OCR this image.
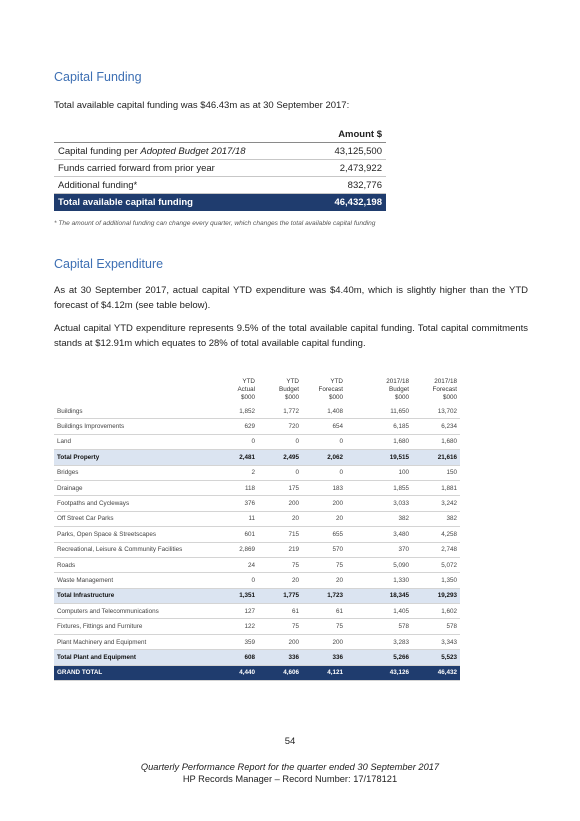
Capital Funding

Total available capital funding was $46.43m as at 30 September 2017:

	Amount $
Capital funding per Adopted Budget 2017/18	43,125,500
Funds carried forward from prior year	2,473,922
Additional funding*	832,776
Total available capital funding	46,432,198

* The amount of additional funding can change every quarter, which changes the total available capital funding

Capital Expenditure

As at 30 September 2017, actual capital YTD expenditure was $4.40m, which is slightly higher than the YTD forecast of $4.12m (see table below).

Actual capital YTD expenditure represents 9.5% of the total available capital funding. Total capital commitments stands at $12.91m which equates to 28% of total available capital funding.

	YTD
Actual
$000	YTD
Budget
$000	YTD
Forecast
$000		2017/18
Budget
$000	2017/18
Forecast
$000
Buildings	1,852	1,772	1,408		11,650	13,702
Buildings Improvements	629	720	654		6,185	6,234
Land	0	0	0		1,680	1,680
Total Property	2,481	2,495	2,062		19,515	21,616
Bridges	2	0	0		100	150
Drainage	118	175	183		1,855	1,881
Footpaths and Cycleways	376	200	200		3,033	3,242
Off Street Car Parks	11	20	20		382	382
Parks, Open Space & Streetscapes	601	715	655		3,480	4,258
Recreational, Leisure & Community Facilities	2,869	219	570		370	2,748
Roads	24	75	75		5,090	5,072
Waste Management	0	20	20		1,330	1,350
Total Infrastructure	1,351	1,775	1,723		18,345	19,293
Computers and Telecommunications	127	61	61		1,405	1,602
Fixtures, Fittings and Furniture	122	75	75		578	578
Plant Machinery and Equipment	359	200	200		3,283	3,343
Total Plant and Equipment	608	336	336		5,266	5,523
GRAND TOTAL	4,440	4,606	4,121		43,126	46,432

54

Quarterly Performance Report for the quarter ended 30 September 2017
HP Records Manager – Record Number: 17/178121
